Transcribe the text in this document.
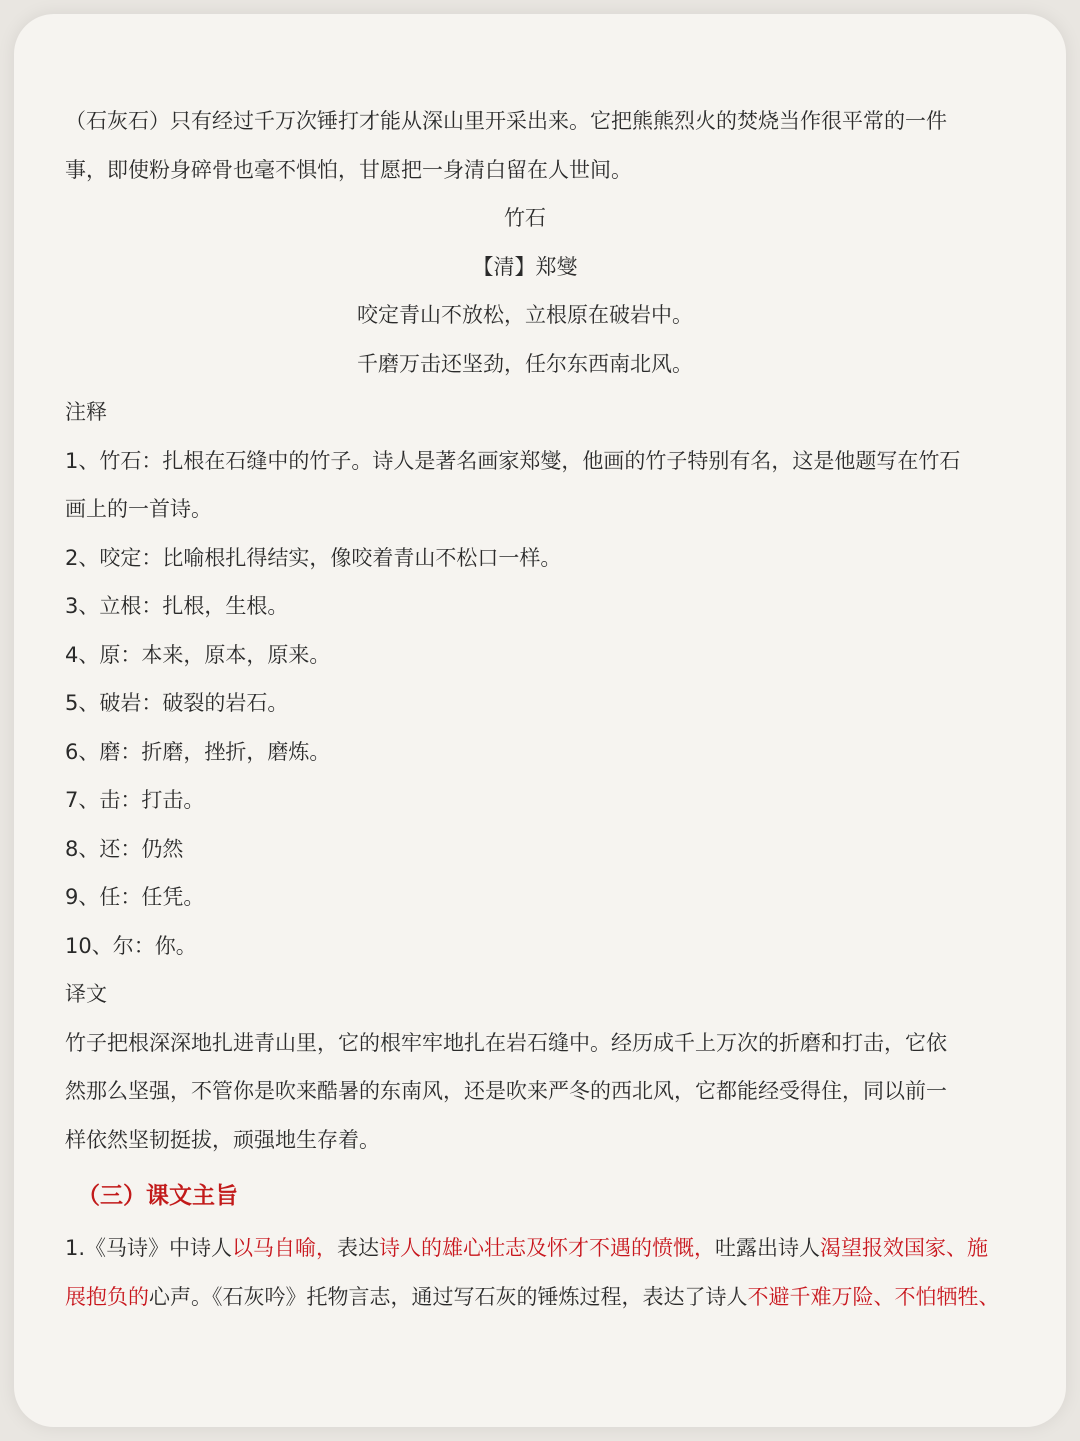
（石灰石）只有经过千万次锤打才能从深山里开采出来。它把熊熊烈火的焚烧当作很平常的一件
事，即使粉身碎骨也毫不惧怕，甘愿把一身清白留在人世间。
竹石
【清】郑燮
咬定青山不放松，立根原在破岩中。
千磨万击还坚劲，任尔东西南北风。
注释
1、竹石：扎根在石缝中的竹子。诗人是著名画家郑燮，他画的竹子特别有名，这是他题写在竹石
画上的一首诗。
2、咬定：比喻根扎得结实，像咬着青山不松口一样。
3、立根：扎根，生根。
4、原：本来，原本，原来。
5、破岩：破裂的岩石。
6、磨：折磨，挫折，磨炼。
7、击：打击。
8、还：仍然
9、任：任凭。
10、尔：你。
译文
竹子把根深深地扎进青山里，它的根牢牢地扎在岩石缝中。经历成千上万次的折磨和打击，它依
然那么坚强，不管你是吹来酷暑的东南风，还是吹来严冬的西北风，它都能经受得住，同以前一
样依然坚韧挺拔，顽强地生存着。
（三）课文主旨
1.《马诗》中诗人以马自喻，表达诗人的雄心壮志及怀才不遇的愤慨，吐露出诗人渴望报效国家、施
展抱负的心声。《石灰吟》托物言志，通过写石灰的锤炼过程，表达了诗人不避千难万险、不怕牺牲、
